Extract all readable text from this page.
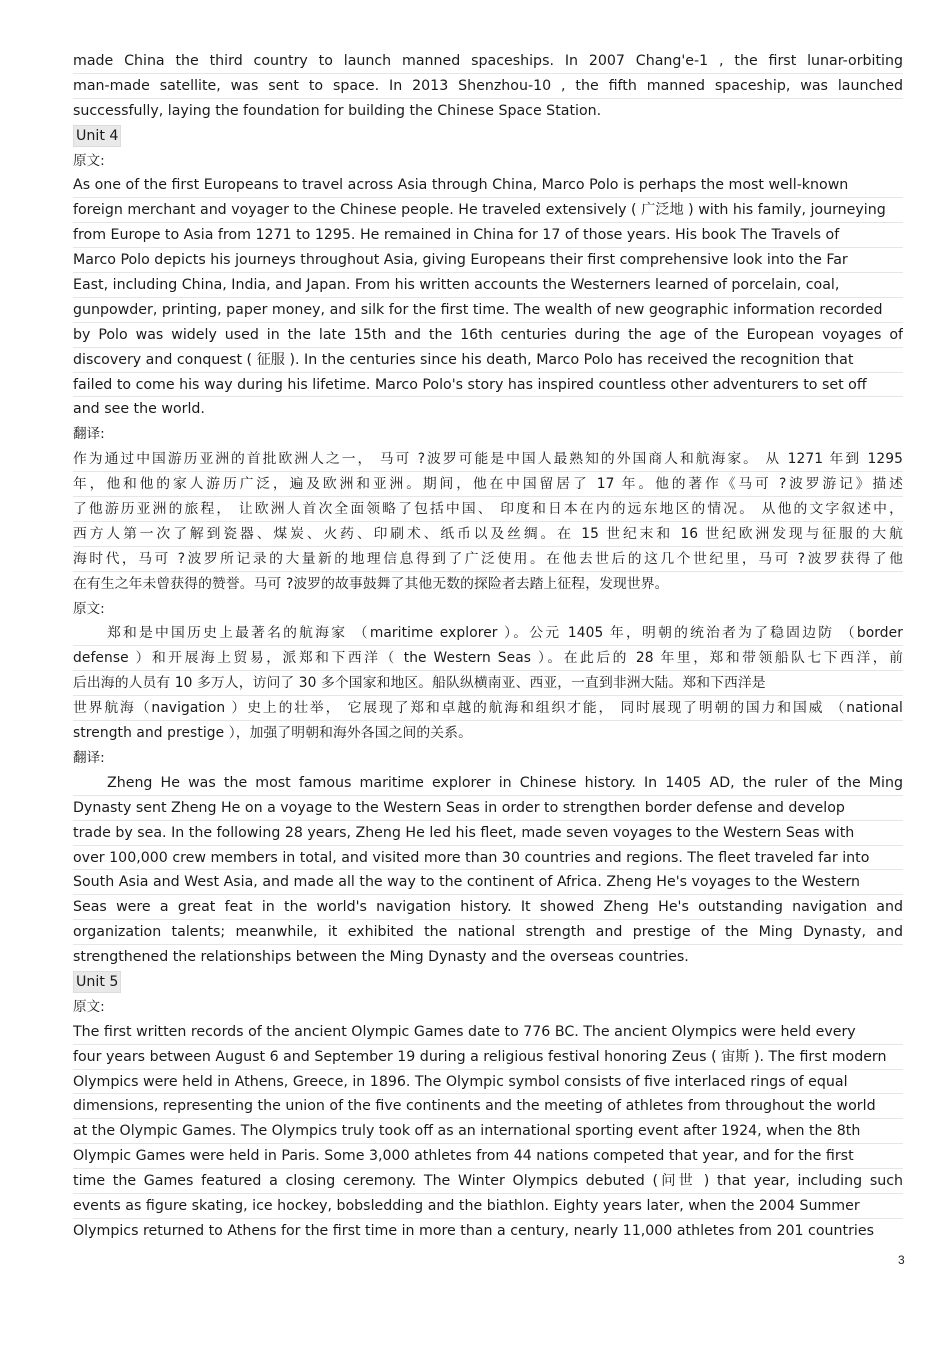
made China the third country to launch manned spaceships. In 2007 Chang'e-1 , the first lunar-orbiting
man-made satellite, was sent to space. In 2013 Shenzhou-10 , the fifth manned spaceship, was launched
successfully, laying the foundation for building the Chinese Space Station.
Unit 4
原文:
As one of the first Europeans to travel across Asia through China, Marco Polo is perhaps the most well-known
foreign merchant and voyager to the Chinese people. He traveled extensively ( 广泛地 ) with his family, journeying
from Europe to Asia from 1271 to 1295. He remained in China for 17 of those years. His book The Travels of
Marco Polo depicts his journeys throughout Asia, giving Europeans their first comprehensive look into the Far
East, including China, India, and Japan. From his written accounts the Westerners learned of porcelain, coal,
gunpowder, printing, paper money, and silk for the first time. The wealth of new geographic information recorded
by Polo was widely used in the late 15th and the 16th centuries during the age of the European voyages of
discovery and conquest ( 征服 ). In the centuries since his death, Marco Polo has received the recognition that
failed to come his way during his lifetime. Marco Polo's story has inspired countless other adventurers to set off
and see the world.
翻译:
作为通过中国游历亚洲的首批欧洲人之一， 马可 ?波罗可能是中国人最熟知的外国商人和航海家。 从 1271 年到 1295
年，他和他的家人游历广泛，遍及欧洲和亚洲。期间，他在中国留居了 17 年。他的著作《马可 ?波罗游记》描述
了他游历亚洲的旅程， 让欧洲人首次全面领略了包括中国、 印度和日本在内的远东地区的情况。 从他的文字叙述中，
西方人第一次了解到瓷器、煤炭、火药、印刷术、纸币以及丝绸。在 15 世纪末和 16 世纪欧洲发现与征服的大航
海时代，马可 ?波罗所记录的大量新的地理信息得到了广泛使用。在他去世后的这几个世纪里，马可 ?波罗获得了他
在有生之年未曾获得的赞誉。马可 ?波罗的故事鼓舞了其他无数的探险者去踏上征程，发现世界。
原文:
郑和是中国历史上最著名的航海家 （maritime explorer ）。公元 1405 年，明朝的统治者为了稳固边防 （border
defense ）和开展海上贸易，派郑和下西洋（ the Western Seas ）。在此后的 28 年里，郑和带领船队七下西洋，前
后出海的人员有 10 多万人，访问了 30 多个国家和地区。船队纵横南亚、西亚，一直到非洲大陆。郑和下西洋是
世界航海（navigation ）史上的壮举， 它展现了郑和卓越的航海和组织才能， 同时展现了明朝的国力和国威 （national
strength and prestige ），加强了明朝和海外各国之间的关系。
翻译:
Zheng He was the most famous maritime explorer in Chinese history. In 1405 AD, the ruler of the Ming
Dynasty sent Zheng He on a voyage to the Western Seas in order to strengthen border defense and develop
trade by sea. In the following 28 years, Zheng He led his fleet, made seven voyages to the Western Seas with
over 100,000 crew members in total, and visited more than 30 countries and regions. The fleet traveled far into
South Asia and West Asia, and made all the way to the continent of Africa. Zheng He's voyages to the Western
Seas were a great feat in the world's navigation history. It showed Zheng He's outstanding navigation and
organization talents; meanwhile, it exhibited the national strength and prestige of the Ming Dynasty, and
strengthened the relationships between the Ming Dynasty and the overseas countries.
Unit 5
原文:
The first written records of the ancient Olympic Games date to 776 BC. The ancient Olympics were held every
four years between August 6 and September 19 during a religious festival honoring Zeus ( 宙斯 ). The first modern
Olympics were held in Athens, Greece, in 1896. The Olympic symbol consists of five interlaced rings of equal
dimensions, representing the union of the five continents and the meeting of athletes from throughout the world
at the Olympic Games. The Olympics truly took off as an international sporting event after 1924, when the 8th
Olympic Games were held in Paris. Some 3,000 athletes from 44 nations competed that year, and for the first
time the Games featured a closing ceremony. The Winter Olympics debuted (问世 ) that year, including such
events as figure skating, ice hockey, bobsledding and the biathlon. Eighty years later, when the 2004 Summer
Olympics returned to Athens for the first time in more than a century, nearly 11,000 athletes from 201 countries
3
